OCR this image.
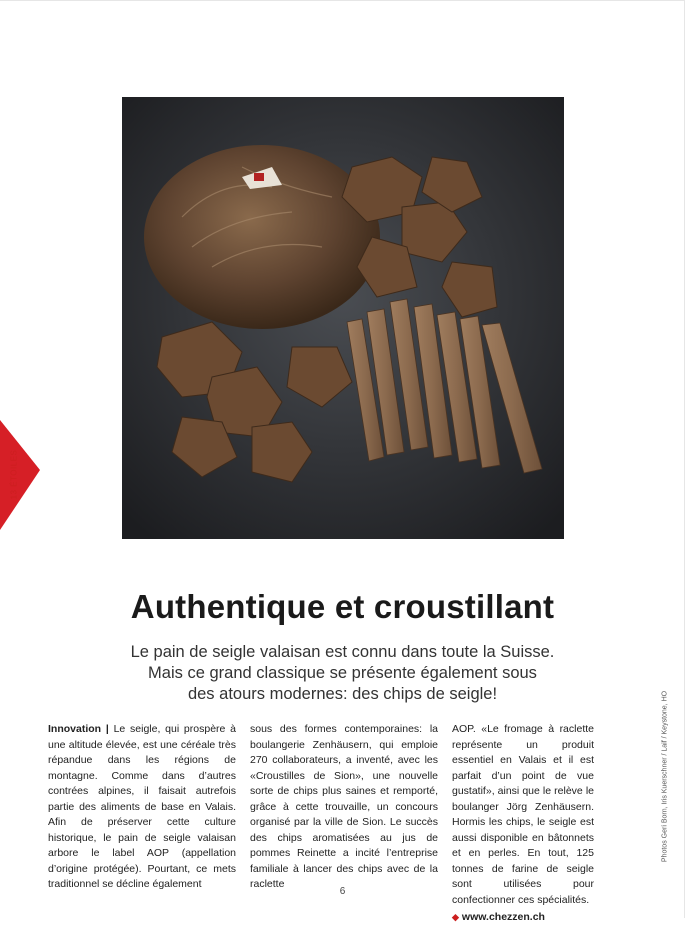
13 ÉTOILES
Authentique et croustillant
Le pain de seigle valaisan est connu dans toute la Suisse.
Mais ce grand classique se présente également sous
des atours modernes: des chips de seigle!
Innovation | Le seigle, qui prospère à une altitude élevée, est une céréale très répandue dans les régions de montagne. Comme dans d’autres contrées alpines, il faisait autrefois partie des aliments de base en Valais. Afin de préserver cette culture historique, le pain de seigle valaisan arbore le label AOP (appellation d’origine protégée). Pourtant, ce mets traditionnel se décline également
sous des formes contemporaines: la boulangerie Zenhäusern, qui emploie 270 collaborateurs, a inventé, avec les «Croustilles de Sion», une nouvelle sorte de chips plus saines et remporté, grâce à cette trouvaille, un concours organisé par la ville de Sion. Le succès des chips aromatisées au jus de pommes Reinette a incité l’entreprise familiale à lancer des chips avec de la raclette
AOP. «Le fromage à raclette représente un produit essentiel en Valais et il est parfait d’un point de vue gustatif», ainsi que le relève le boulanger Jörg Zenhäusern. Hormis les chips, le seigle est aussi disponible en bâtonnets et en perles. En tout, 125 tonnes de farine de seigle sont utilisées pour confectionner ces spécialités.
◆ www.chezzen.ch
6
Photos Geri Born, Iris Kuerschner / Laif / Keystone, HO
